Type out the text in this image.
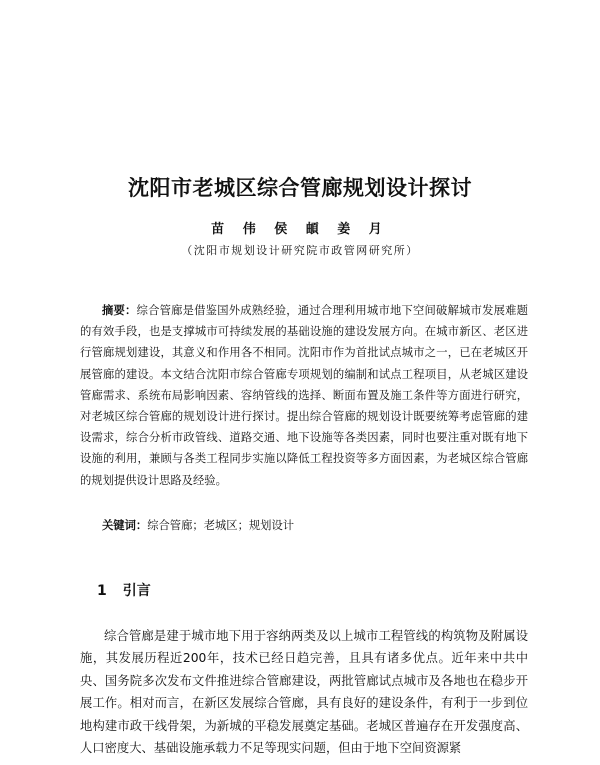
沈阳市老城区综合管廊规划设计探讨
苗 伟 侯 頔 姜 月
（沈阳市规划设计研究院市政管网研究所）

摘要：综合管廊是借鉴国外成熟经验，通过合理利用城市地下空间破解城市发展难题的有效手段，也是支撑城市可持续发展的基础设施的建设发展方向。在城市新区、老区进行管廊规划建设，其意义和作用各不相同。沈阳市作为首批试点城市之一，已在老城区开展管廊的建设。本文结合沈阳市综合管廊专项规划的编制和试点工程项目，从老城区建设管廊需求、系统布局影响因素、容纳管线的选择、断面布置及施工条件等方面进行研究，对老城区综合管廊的规划设计进行探讨。提出综合管廊的规划设计既要统筹考虑管廊的建设需求，综合分析市政管线、道路交通、地下设施等各类因素，同时也要注重对既有地下设施的利用，兼顾与各类工程同步实施以降低工程投资等多方面因素，为老城区综合管廊的规划提供设计思路及经验。

关键词：综合管廊；老城区；规划设计
1 引言

综合管廊是建于城市地下用于容纳两类及以上城市工程管线的构筑物及附属设施，其发展历程近200年，技术已经日趋完善，且具有诸多优点。近年来中共中央、国务院多次发布文件推进综合管廊建设，两批管廊试点城市及各地也在稳步开展工作。相对而言，在新区发展综合管廊，具有良好的建设条件，有利于一步到位地构建市政干线骨架，为新城的平稳发展奠定基础。老城区普遍存在开发强度高、人口密度大、基础设施承载力不足等现实问题，但由于地下空间资源紧
